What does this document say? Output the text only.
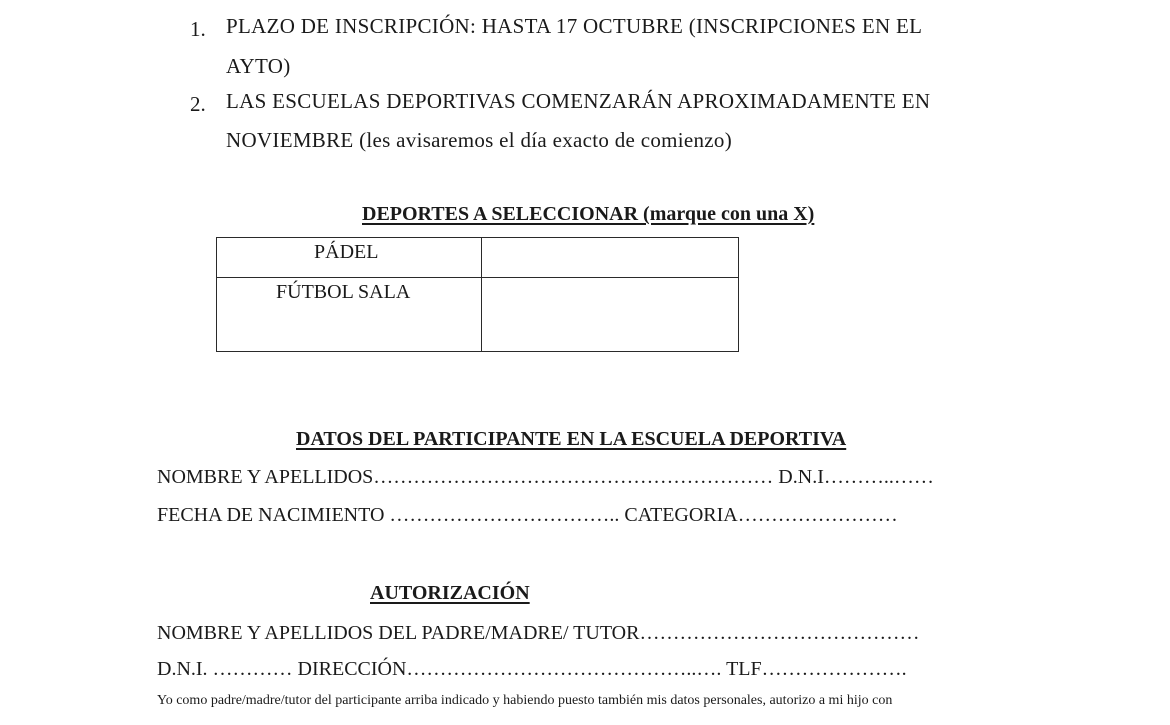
1. PLAZO DE INSCRIPCIÓN: HASTA 17 OCTUBRE (INSCRIPCIONES EN EL
AYTO)
2. LAS ESCUELAS DEPORTIVAS COMENZARÁN APROXIMADAMENTE EN
NOVIEMBRE (les avisaremos el día exacto de comienzo)
DEPORTES A SELECCIONAR (marque con una X)
PÁDEL
FÚTBOL SALA
DATOS DEL PARTICIPANTE EN LA ESCUELA DEPORTIVA
NOMBRE Y APELLIDOS…………………………………………………… D.N.I………..……
FECHA DE NACIMIENTO …………………………….. CATEGORIA……………………
AUTORIZACIÓN
NOMBRE Y APELLIDOS DEL PADRE/MADRE/ TUTOR……………………………………
D.N.I. ………… DIRECCIÓN……………………………………..…. TLF………………….
Yo como padre/madre/tutor del participante arriba indicado y habiendo puesto también mis datos personales, autorizo a mi hijo con
